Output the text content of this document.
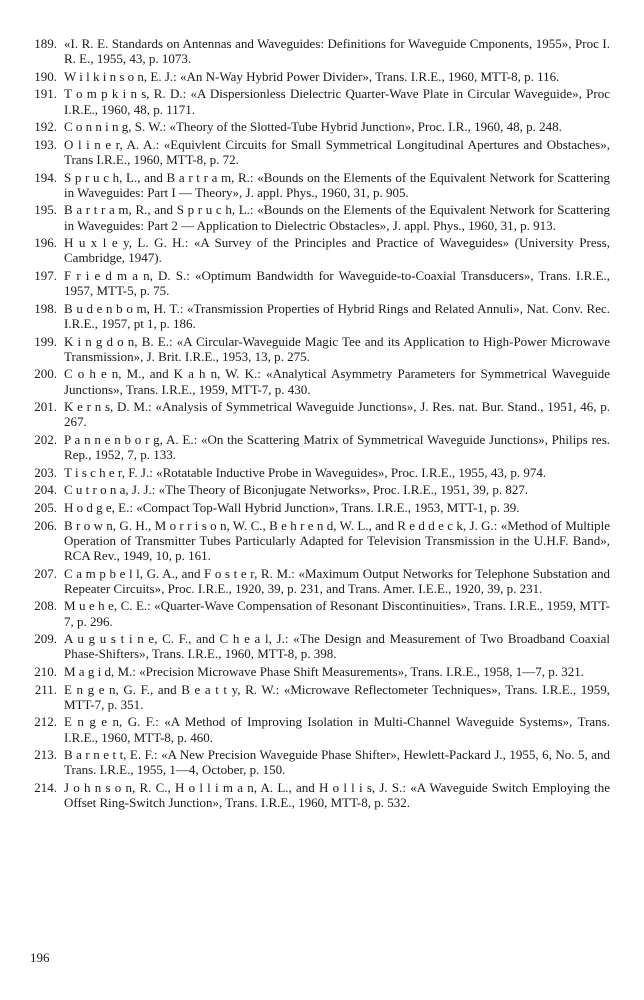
189. «I. R. E. Standards on Antennas and Waveguides: Definitions for Waveguide Cmponents, 1955», Proc I. R. E., 1955, 43, p. 1073.
190. W i l k i n s o n, E. J.: «An N-Way Hybrid Power Divider», Trans. I.R.E., 1960, MTT-8, p. 116.
191. T o m p k i n s, R. D.: «A Dispersionless Dielectric Quarter-Wave Plate in Circular Waveguide», Proc I.R.E., 1960, 48, p. 1171.
192. C o n n i n g, S. W.: «Theory of the Slotted-Tube Hybrid Junction», Proc. I.R., 1960, 48, p. 248.
193. O l i n e r, A. A.: «Equivlent Circuits for Small Symmetrical Longitudinal Apertures and Obstaches», Trans I.R.E., 1960, MTT-8, p. 72.
194. S p r u c h, L., and B a r t r a m, R.: «Bounds on the Elements of the Equivalent Network for Scattering in Waveguides: Part I — Theory», J. appl. Phys., 1960, 31, p. 905.
195. B a r t r a m, R., and S p r u c h, L.: «Bounds on the Elements of the Equivalent Network for Scattering in Waveguides: Part 2 — Application to Dielectric Obstacles», J. appl. Phys., 1960, 31, p. 913.
196. H u x l e y, L. G. H.: «A Survey of the Principles and Practice of Waveguides» (University Press, Cambridge, 1947).
197. F r i e d m a n, D. S.: «Optimum Bandwidth for Waveguide-to-Coaxial Transducers», Trans. I.R.E., 1957, MTT-5, p. 75.
198. B u d e n b o m, H. T.: «Transmission Properties of Hybrid Rings and Related Annuli», Nat. Conv. Rec. I.R.E., 1957, pt 1, p. 186.
199. K i n g d o n, B. E.: «A Circular-Waveguide Magic Tee and its Application to High-Power Microwave Transmission», J. Brit. I.R.E., 1953, 13, p. 275.
200. C o h e n, M., and K a h n, W. K.: «Analytical Asymmetry Parameters for Symmetrical Waveguide Junctions», Trans. I.R.E., 1959, MTT-7, p. 430.
201. K e r n s, D. M.: «Analysis of Symmetrical Waveguide Junctions», J. Res. nat. Bur. Stand., 1951, 46, p. 267.
202. P a n n e n b o r g, A. E.: «On the Scattering Matrix of Symmetrical Waveguide Junctions», Philips res. Rep., 1952, 7, p. 133.
203. T i s c h e r, F. J.: «Rotatable Inductive Probe in Waveguides», Proc. I.R.E., 1955, 43, p. 974.
204. C u t r o n a, J. J.: «The Theory of Biconjugate Networks», Proc. I.R.E., 1951, 39, p. 827.
205. H o d g e, E.: «Compact Top-Wall Hybrid Junction», Trans. I.R.E., 1953, MTT-1, p. 39.
206. B r o w n, G. H., M o r r i s o n, W. C., B e h r e n d, W. L., and R e d d e c k, J. G.: «Method of Multiple Operation of Transmitter Tubes Particularly Adapted for Television Transmission in the U.H.F. Band», RCA Rev., 1949, 10, p. 161.
207. C a m p b e l l, G. A., and F o s t e r, R. M.: «Maximum Output Networks for Telephone Substation and Repeater Circuits», Proc. I.R.E., 1920, 39, p. 231, and Trans. Amer. I.E.E., 1920, 39, p. 231.
208. M u e h e, C. E.: «Quarter-Wave Compensation of Resonant Discontinuities», Trans. I.R.E., 1959, MTT-7, p. 296.
209. A u g u s t i n e, C. F., and C h e a l, J.: «The Design and Measurement of Two Broadband Coaxial Phase-Shifters», Trans. I.R.E., 1960, MTT-8, p. 398.
210. M a g i d, M.: «Precision Microwave Phase Shift Measurements», Trans. I.R.E., 1958, 1—7, p. 321.
211. E n g e n, G. F., and B e a t t y, R. W.: «Microwave Reflectometer Techniques», Trans. I.R.E., 1959, MTT-7, p. 351.
212. E n g e n, G. F.: «A Method of Improving Isolation in Multi-Channel Waveguide Systems», Trans. I.R.E., 1960, MTT-8, p. 460.
213. B a r n e t t, E. F.: «A New Precision Waveguide Phase Shifter», Hewlett-Packard J., 1955, 6, No. 5, and Trans. I.R.E., 1955, 1—4, October, p. 150.
214. J o h n s o n, R. C., H o l l i m a n, A. L., and H o l l i s, J. S.: «A Waveguide Switch Employing the Offset Ring-Switch Junction», Trans. I.R.E., 1960, MTT-8, p. 532.
196
